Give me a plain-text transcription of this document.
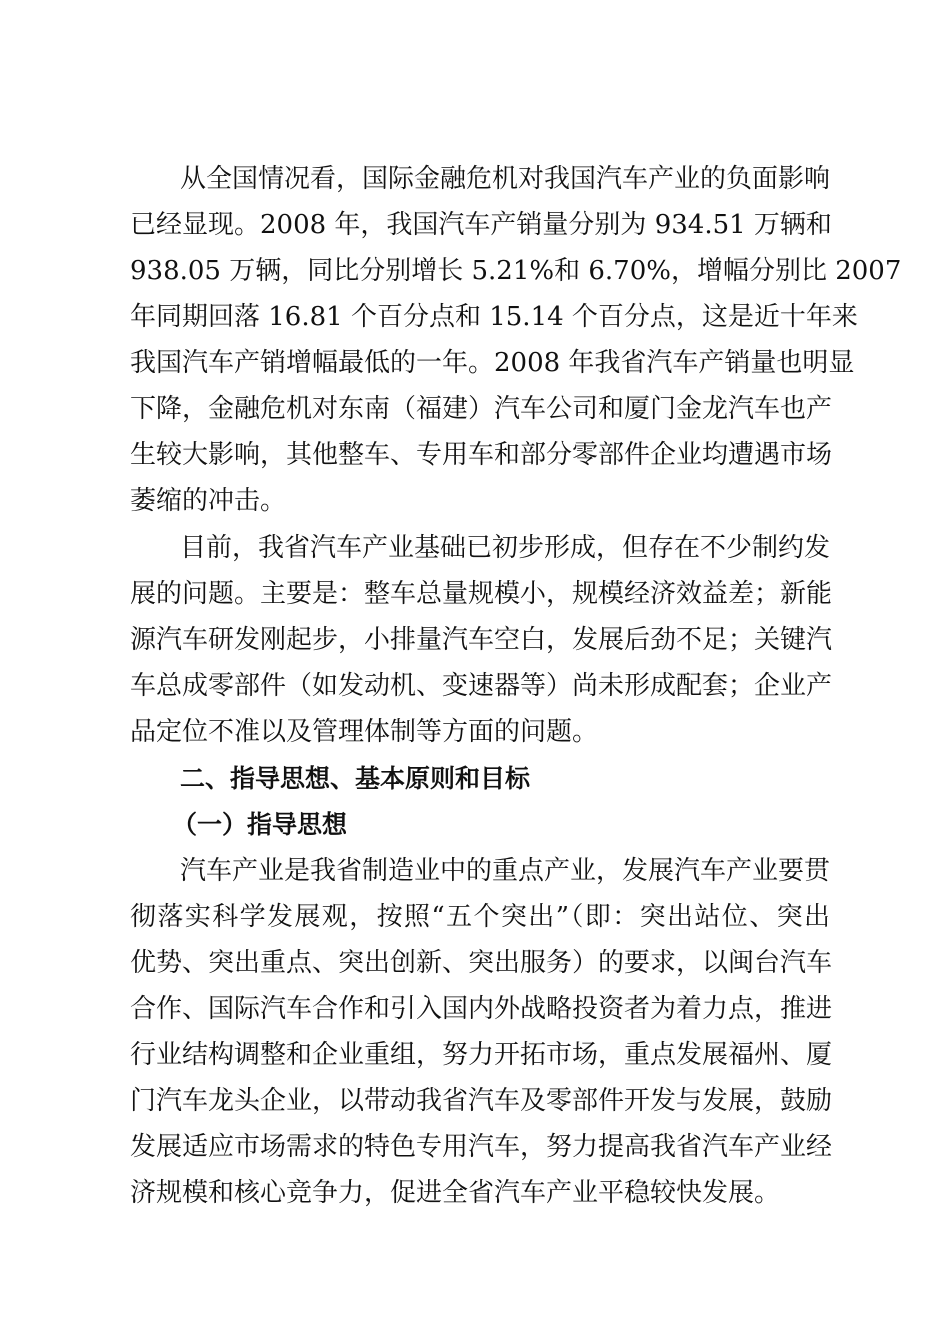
从全国情况看，国际金融危机对我国汽车产业的负面影响
已经显现。2008 年，我国汽车产销量分别为 934.51 万辆和
938.05 万辆，同比分别增长 5.21%和 6.70%，增幅分别比 2007
年同期回落 16.81 个百分点和 15.14 个百分点，这是近十年来
我国汽车产销增幅最低的一年。2008 年我省汽车产销量也明显
下降，金融危机对东南（福建）汽车公司和厦门金龙汽车也产
生较大影响，其他整车、专用车和部分零部件企业均遭遇市场
萎缩的冲击。
目前，我省汽车产业基础已初步形成，但存在不少制约发
展的问题。主要是：整车总量规模小，规模经济效益差；新能
源汽车研发刚起步，小排量汽车空白，发展后劲不足；关键汽
车总成零部件（如发动机、变速器等）尚未形成配套；企业产
品定位不准以及管理体制等方面的问题。
二、指导思想、基本原则和目标
（一）指导思想
汽车产业是我省制造业中的重点产业，发展汽车产业要贯
彻落实科学发展观，按照“五个突出”（即：突出站位、突出
优势、突出重点、突出创新、突出服务）的要求，以闽台汽车
合作、国际汽车合作和引入国内外战略投资者为着力点，推进
行业结构调整和企业重组，努力开拓市场，重点发展福州、厦
门汽车龙头企业，以带动我省汽车及零部件开发与发展，鼓励
发展适应市场需求的特色专用汽车，努力提高我省汽车产业经
济规模和核心竞争力，促进全省汽车产业平稳较快发展。
